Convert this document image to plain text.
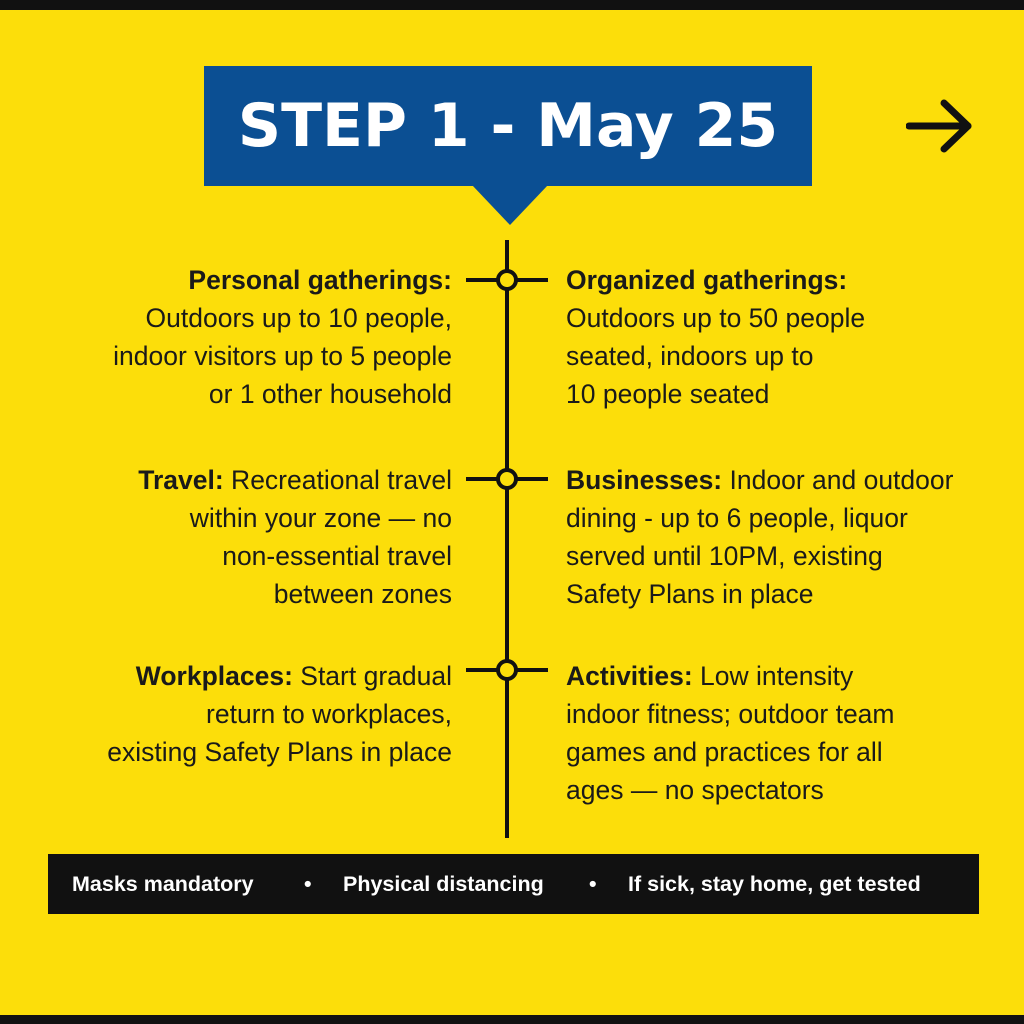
STEP 1 - May 25
Personal gatherings:
Outdoors up to 10 people,
indoor visitors up to 5 people
or 1 other household
Organized gatherings:
Outdoors up to 50 people
seated, indoors up to
10 people seated
Travel: Recreational travel
within your zone — no
non-essential travel
between zones
Businesses: Indoor and outdoor
dining - up to 6 people, liquor
served until 10PM, existing
Safety Plans in place
Workplaces: Start gradual
return to workplaces,
existing Safety Plans in place
Activities: Low intensity
indoor fitness; outdoor team
games and practices for all
ages — no spectators
Masks mandatory • Physical distancing • If sick, stay home, get tested
